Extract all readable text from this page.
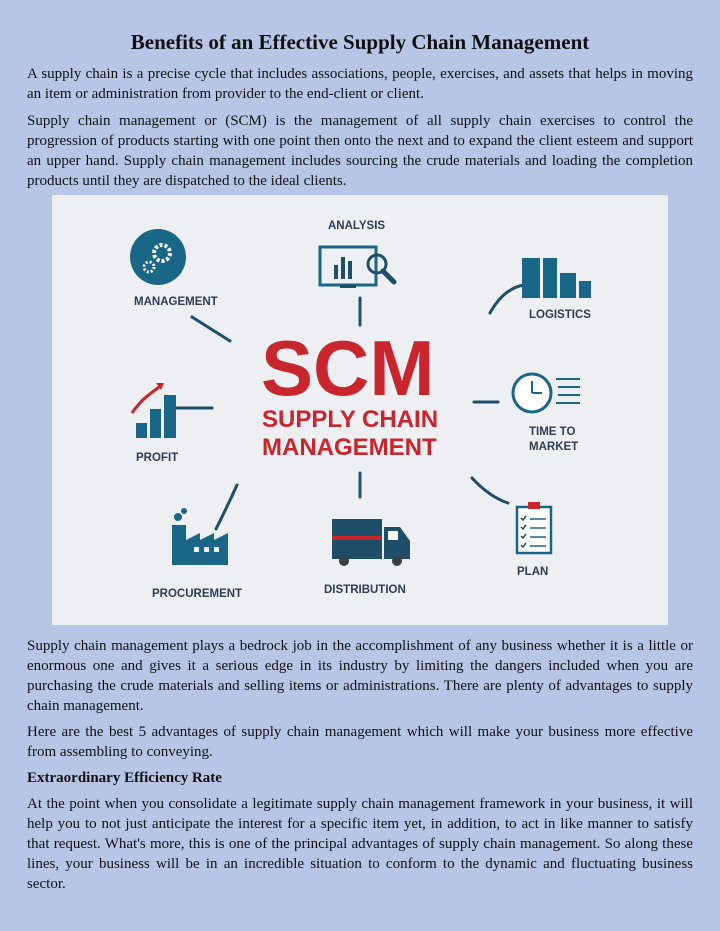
Benefits of an Effective Supply Chain Management

A supply chain is a precise cycle that includes associations, people, exercises, and assets that helps in moving an item or administration from provider to the end-client or client.

Supply chain management or (SCM) is the management of all supply chain exercises to control the progression of products starting with one point then onto the next and to expand the client esteem and support an upper hand. Supply chain management includes sourcing the crude materials and loading the completion products until they are dispatched to the ideal clients.

SCM
SUPPLY CHAIN
MANAGEMENT
ANALYSIS
MANAGEMENT
LOGISTICS
PROFIT
TIME TO
MARKET
PROCUREMENT	DISTRIBUTION
PLAN

Supply chain management plays a bedrock job in the accomplishment of any business whether it is a little or enormous one and gives it a serious edge in its industry by limiting the dangers included when you are purchasing the crude materials and selling items or administrations. There are plenty of advantages to supply chain management.

Here are the best 5 advantages of supply chain management which will make your business more effective from assembling to conveying.

Extraordinary Efficiency Rate

At the point when you consolidate a legitimate supply chain management framework in your business, it will help you to not just anticipate the interest for a specific item yet, in addition, to act in like manner to satisfy that request. What's more, this is one of the principal advantages of supply chain management. So along these lines, your business will be in an incredible situation to conform to the dynamic and fluctuating business sector.
